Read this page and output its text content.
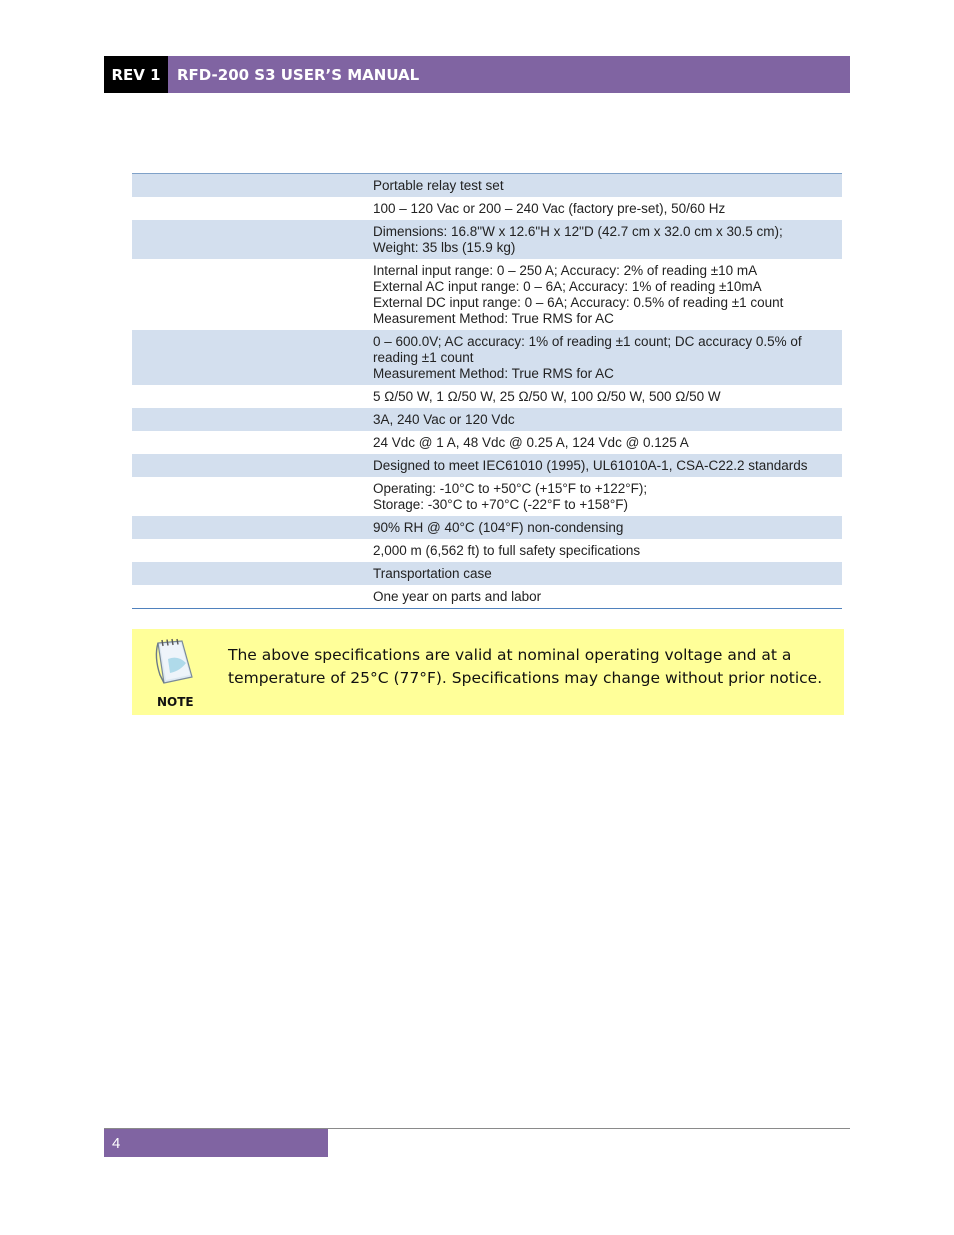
REV 1	RFD-200 S3 USER’S MANUAL
Portable relay test set
100 – 120 Vac or 200 – 240 Vac (factory pre-set), 50/60 Hz
Dimensions: 16.8"W x 12.6"H x 12"D (42.7 cm x 32.0 cm x 30.5 cm);
Weight: 35 lbs (15.9 kg)
Internal input range: 0 – 250 A; Accuracy: 2% of reading ±10 mA
External AC input range: 0 – 6A; Accuracy: 1% of reading ±10mA
External DC input range: 0 – 6A; Accuracy: 0.5% of reading ±1 count
Measurement Method: True RMS for AC
0 – 600.0V; AC accuracy: 1% of reading ±1 count; DC accuracy 0.5% of reading ±1 count
Measurement Method: True RMS for AC
5 Ω/50 W, 1 Ω/50 W, 25 Ω/50 W, 100 Ω/50 W, 500 Ω/50 W
3A, 240 Vac or 120 Vdc
24 Vdc @ 1 A, 48 Vdc @ 0.25 A, 124 Vdc @ 0.125 A
Designed to meet IEC61010 (1995), UL61010A-1, CSA-C22.2 standards
Operating: -10°C to +50°C (+15°F to +122°F);
Storage: -30°C to +70°C (-22°F to +158°F)
90% RH @ 40°C (104°F) non-condensing
2,000 m (6,562 ft) to full safety specifications
Transportation case
One year on parts and labor
NOTE
The above specifications are valid at nominal operating voltage and at a temperature of 25°C (77°F). Specifications may change without prior notice.
4
